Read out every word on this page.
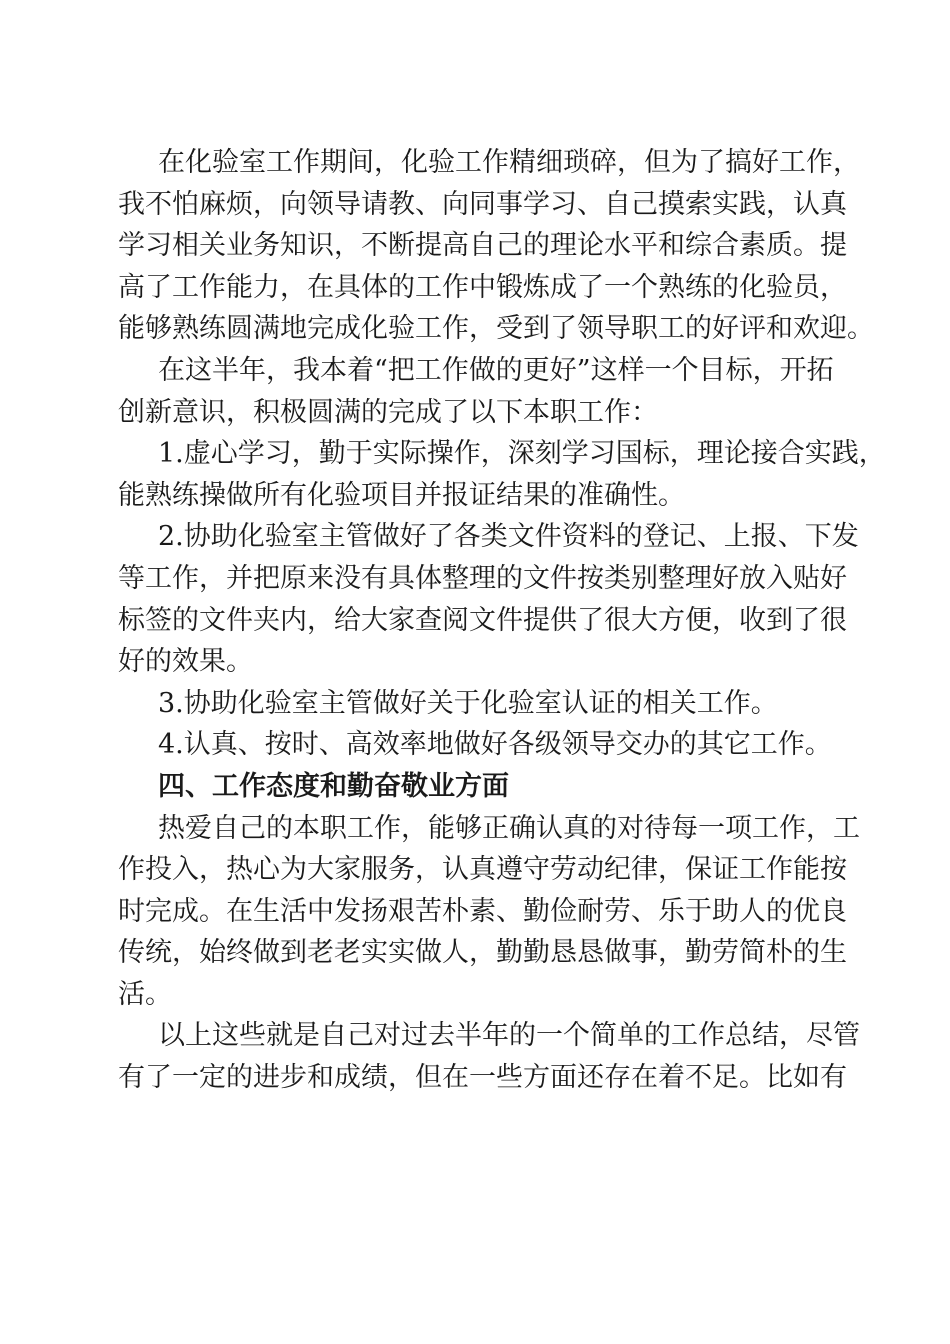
在化验室工作期间，化验工作精细琐碎，但为了搞好工作，
我不怕麻烦，向领导请教、向同事学习、自己摸索实践，认真
学习相关业务知识，不断提高自己的理论水平和综合素质。提
高了工作能力，在具体的工作中锻炼成了一个熟练的化验员，
能够熟练圆满地完成化验工作，受到了领导职工的好评和欢迎。
在这半年，我本着“把工作做的更好”这样一个目标，开拓
创新意识，积极圆满的完成了以下本职工作：
1.虚心学习，勤于实际操作，深刻学习国标，理论接合实践，
能熟练操做所有化验项目并报证结果的准确性。
2.协助化验室主管做好了各类文件资料的登记、上报、下发
等工作，并把原来没有具体整理的文件按类别整理好放入贴好
标签的文件夹内，给大家查阅文件提供了很大方便，收到了很
好的效果。
3.协助化验室主管做好关于化验室认证的相关工作。
4.认真、按时、高效率地做好各级领导交办的其它工作。
四、工作态度和勤奋敬业方面
热爱自己的本职工作，能够正确认真的对待每一项工作，工
作投入，热心为大家服务，认真遵守劳动纪律，保证工作能按
时完成。在生活中发扬艰苦朴素、勤俭耐劳、乐于助人的优良
传统，始终做到老老实实做人，勤勤恳恳做事，勤劳简朴的生
活。
以上这些就是自己对过去半年的一个简单的工作总结，尽管
有了一定的进步和成绩，但在一些方面还存在着不足。比如有
